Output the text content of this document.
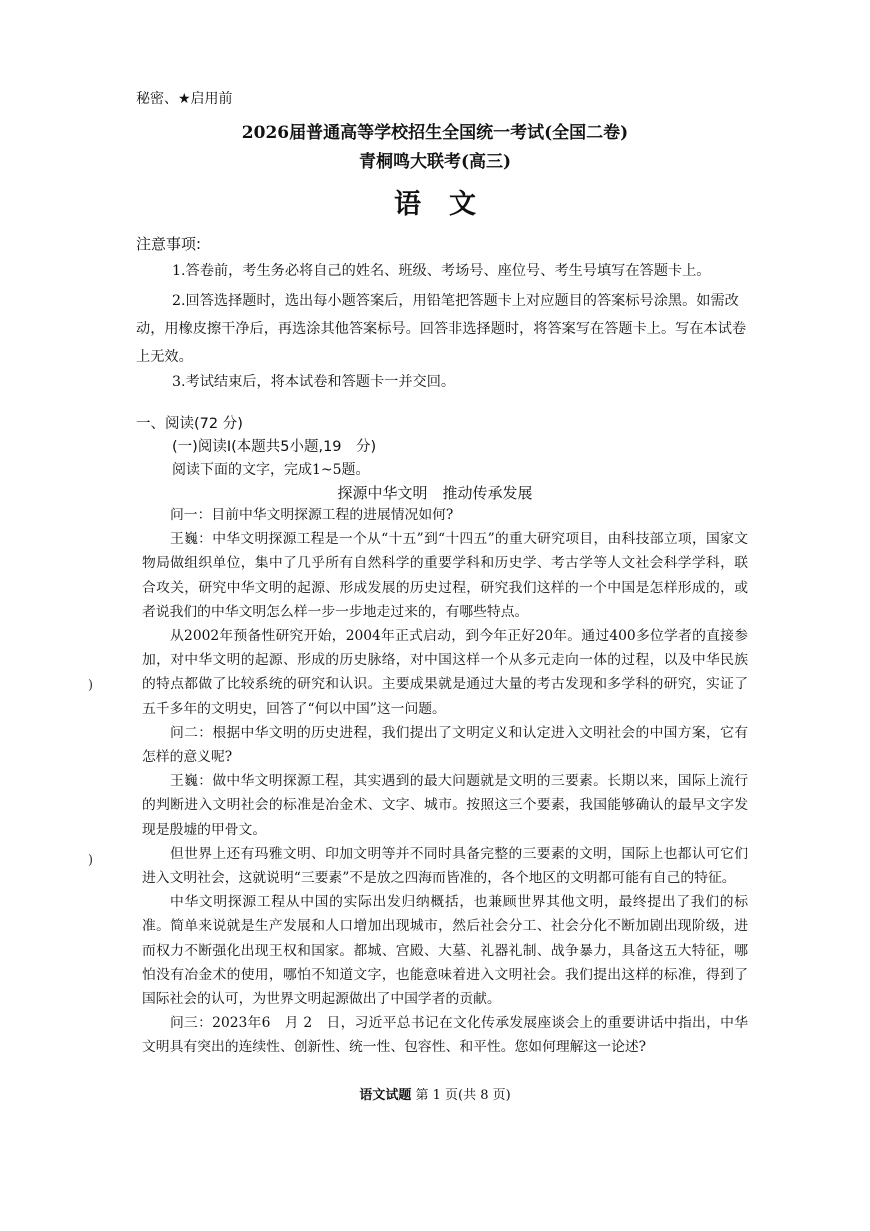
秘密、★启用前
2026届普通高等学校招生全国统一考试(全国二卷)
青桐鸣大联考(高三)
语文
注意事项:

1.答卷前，考生务必将自己的姓名、班级、考场号、座位号、考生号填写在答题卡上。

2.回答选择题时，选出每小题答案后，用铅笔把答题卡上对应题目的答案标号涂黑。如需改动，用橡皮擦干净后，再选涂其他答案标号。回答非选择题时，将答案写在答题卡上。写在本试卷上无效。

3.考试结束后，将本试卷和答题卡一并交回。

一、阅读(72 分)
(一)阅读Ⅰ(本题共5小题,19　分)
阅读下面的文字，完成1~5题。
探源中华文明　推动传承发展

问一：目前中华文明探源工程的进展情况如何?

王巍：中华文明探源工程是一个从“十五”到“十四五”的重大研究项目，由科技部立项，国家文物局做组织单位，集中了几乎所有自然科学的重要学科和历史学、考古学等人文社会科学学科，联合攻关，研究中华文明的起源、形成发展的历史过程，研究我们这样的一个中国是怎样形成的，或者说我们的中华文明怎么样一步一步地走过来的，有哪些特点。

从2002年预备性研究开始，2004年正式启动，到今年正好20年。通过400多位学者的直接参加，对中华文明的起源、形成的历史脉络，对中国这样一个从多元走向一体的过程，以及中华民族的特点都做了比较系统的研究和认识。主要成果就是通过大量的考古发现和多学科的研究，实证了五千多年的文明史，回答了“何以中国”这一问题。

问二：根据中华文明的历史进程，我们提出了文明定义和认定进入文明社会的中国方案，它有怎样的意义呢?

王巍：做中华文明探源工程，其实遇到的最大问题就是文明的三要素。长期以来，国际上流行的判断进入文明社会的标准是冶金术、文字、城市。按照这三个要素，我国能够确认的最早文字发现是殷墟的甲骨文。

但世界上还有玛雅文明、印加文明等并不同时具备完整的三要素的文明，国际上也都认可它们进入文明社会，这就说明“三要素”不是放之四海而皆准的，各个地区的文明都可能有自己的特征。

中华文明探源工程从中国的实际出发归纳概括，也兼顾世界其他文明，最终提出了我们的标准。简单来说就是生产发展和人口增加出现城市，然后社会分工、社会分化不断加剧出现阶级，进而权力不断强化出现王权和国家。都城、宫殿、大墓、礼器礼制、战争暴力，具备这五大特征，哪怕没有冶金术的使用，哪怕不知道文字，也能意味着进入文明社会。我们提出这样的标准，得到了国际社会的认可，为世界文明起源做出了中国学者的贡献。

问三：2023年6　月 2　日，习近平总书记在文化传承发展座谈会上的重要讲话中指出，中华文明具有突出的连续性、创新性、统一性、包容性、和平性。您如何理解这一论述?

)
)
语文试题 第 1 页(共 8 页)
